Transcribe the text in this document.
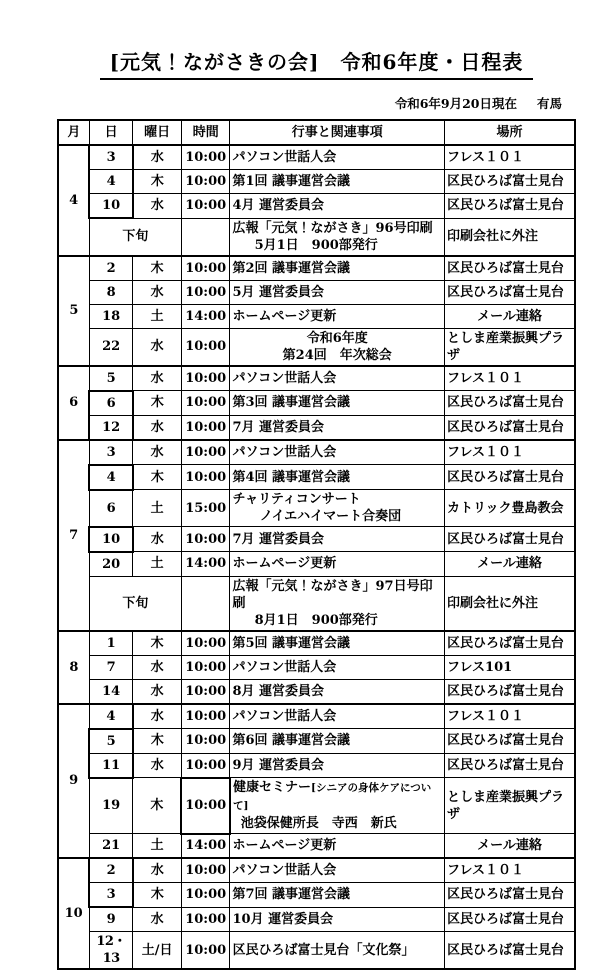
[元気！ながさきの会]　令和6年度・日程表
令和6年9月20日現在 有馬
月	日	曜日	時間	行事と関連事項	場所
4	3	水	10:00	パソコン世話人会	フレス１０１
	4	木	10:00	第1回 議事運営会議	区民ひろば富士見台
	10	水	10:00	4月 運営委員会	区民ひろば富士見台
	下旬			広報「元気！ながさき」96号印刷
5月1日　900部発行	印刷会社に外注
5	2	木	10:00	第2回 議事運営会議	区民ひろば富士見台
	8	水	10:00	5月 運営委員会	区民ひろば富士見台
	18	土	14:00	ホームページ更新	メール連絡
	22	水	10:00	令和6年度
第24回　年次総会	としま産業振興プラザ
6	5	水	10:00	パソコン世話人会	フレス１０１
	6	木	10:00	第3回 議事運営会議	区民ひろば富士見台
	12	水	10:00	7月 運営委員会	区民ひろば富士見台
7	3	水	10:00	パソコン世話人会	フレス１０１
	4	木	10:00	第4回 議事運営会議	区民ひろば富士見台
	6	土	15:00	チャリティコンサート
ノイエハイマート合奏団	カトリック豊島教会
	10	水	10:00	7月 運営委員会	区民ひろば富士見台
	20	土	14:00	ホームページ更新	メール連絡
	下旬			広報「元気！ながさき」97日号印刷
8月1日　900部発行	印刷会社に外注
8	1	木	10:00	第5回 議事運営会議	区民ひろば富士見台
	7	水	10:00	パソコン世話人会	フレス101
	14	水	10:00	8月 運営委員会	区民ひろば富士見台
9	4	水	10:00	パソコン世話人会	フレス１０１
	5	木	10:00	第6回 議事運営会議	区民ひろば富士見台
	11	水	10:00	9月 運営委員会	区民ひろば富士見台
	19	木	10:00	健康セミナー[シニアの身体ケアについて]
池袋保健所長　寺西　新氏	としま産業振興プラザ
	21	土	14:00	ホームページ更新	メール連絡
10	2	水	10:00	パソコン世話人会	フレス１０１
	3	木	10:00	第7回 議事運営会議	区民ひろば富士見台
	9	水	10:00	10月 運営委員会	区民ひろば富士見台
	12・13	土/日	10:00	区民ひろば富士見台「文化祭」	区民ひろば富士見台
